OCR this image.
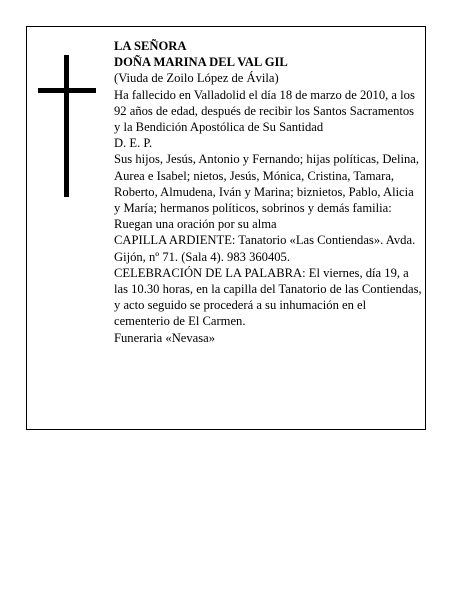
LA SEÑORA

DOÑA MARINA DEL VAL GIL

(Viuda de Zoilo López de Ávila)

Ha fallecido en Valladolid el día 18 de marzo de 2010, a los 92 años de edad, después de recibir los Santos Sacramentos y la Bendición Apostólica de Su Santidad

D. E. P.

Sus hijos, Jesús, Antonio y Fernando; hijas políticas, Delina, Aurea e Isabel; nietos, Jesús, Mónica, Cristina, Tamara, Roberto, Almudena, Iván y Marina; biznietos, Pablo, Alicia y María; hermanos políticos, sobrinos y demás familia:

Ruegan una oración por su alma

CAPILLA ARDIENTE: Tanatorio «Las Contiendas». Avda. Gijón, nº 71. (Sala 4). 983 360405.

CELEBRACIÓN DE LA PALABRA: El viernes, día 19, a las 10.30 horas, en la capilla del Tanatorio de las Contiendas, y acto seguido se procederá a su inhumación en el cementerio de El Carmen.

Funeraria «Nevasa»
